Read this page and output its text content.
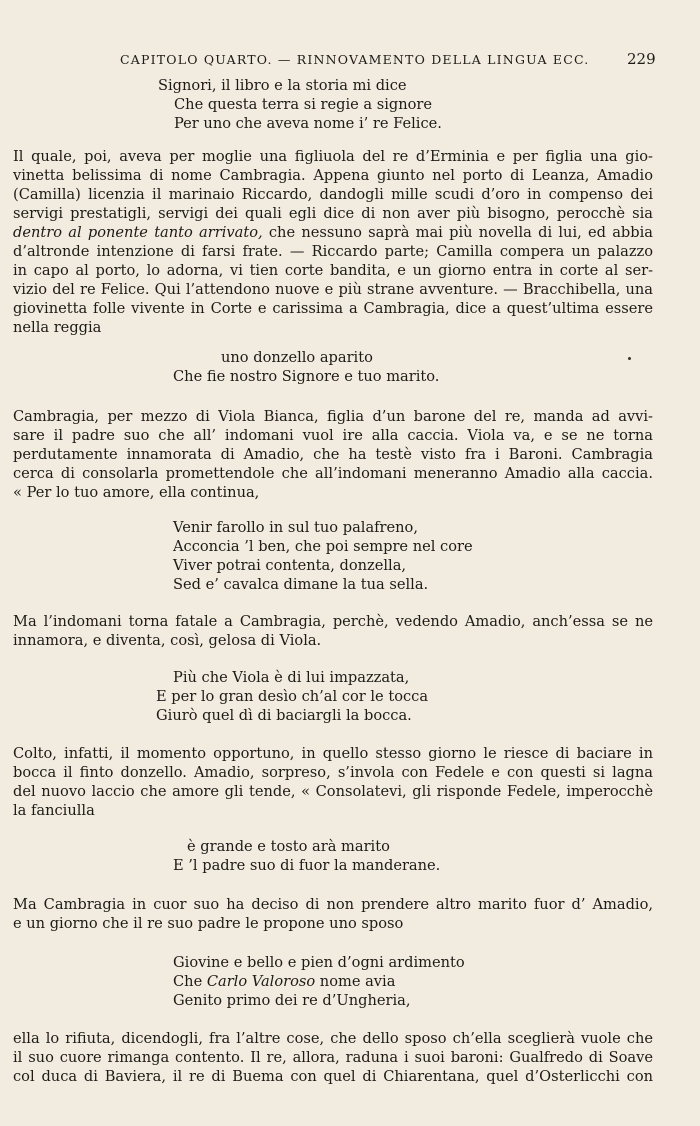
CAPITOLO QUARTO. — RINNOVAMENTO DELLA LINGUA ECC.	229
Signori, il libro e la storia mi dice
Che questa terra si regie a signore
Per uno che aveva nome i’ re Felice.
Il quale, poi, aveva per moglie una figliuola del re d’Erminia e per figlia una gio-
vinetta belissima di nome Cambragia. Appena giunto nel porto di Leanza, Amadio
(Camilla) licenzia il marinaio Riccardo, dandogli mille scudi d’oro in compenso dei
servigi prestatigli, servigi dei quali egli dice di non aver più bisogno, perocchè sia
dentro al ponente tanto arrivato, che nessuno saprà mai più novella di lui, ed abbia
d’altronde intenzione di farsi frate. — Riccardo parte; Camilla compera un palazzo
in capo al porto, lo adorna, vi tien corte bandita, e un giorno entra in corte al ser-
vizio del re Felice. Qui l’attendono nuove e più strane avventure. — Bracchibella, una
giovinetta folle vivente in Corte e carissima a Cambragia, dice a quest’ultima essere
nella reggia
uno donzello aparito
Che fie nostro Signore e tuo marito.
Cambragia, per mezzo di Viola Bianca, figlia d’un barone del re, manda ad avvi-
sare il padre suo che all’ indomani vuol ire alla caccia. Viola va, e se ne torna
perdutamente innamorata di Amadio, che ha testè visto fra i Baroni. Cambragia
cerca di consolarla promettendole che all’indomani meneranno Amadio alla caccia.
« Per lo tuo amore, ella continua,
Venir farollo in sul tuo palafreno,
Acconcia ’l ben, che poi sempre nel core
Viver potrai contenta, donzella,
Sed e’ cavalca dimane la tua sella.
Ma l’indomani torna fatale a Cambragia, perchè, vedendo Amadio, anch’essa se ne
innamora, e diventa, così, gelosa di Viola.
Più che Viola è di lui impazzata,
E per lo gran desìo ch’al cor le tocca
Giurò quel dì di baciargli la bocca.
Colto, infatti, il momento opportuno, in quello stesso giorno le riesce di baciare in
bocca il finto donzello. Amadio, sorpreso, s’invola con Fedele e con questi si lagna
del nuovo laccio che amore gli tende, « Consolatevi, gli risponde Fedele, imperocchè
la fanciulla
è grande e tosto arà marito
E ’l padre suo di fuor la manderane.
Ma Cambragia in cuor suo ha deciso di non prendere altro marito fuor d’ Amadio,
e un giorno che il re suo padre le propone uno sposo
Giovine e bello e pien d’ogni ardimento
Che Carlo Valoroso nome avia
Genito primo dei re d’Ungheria,
ella lo rifiuta, dicendogli, fra l’altre cose, che dello sposo ch’ella sceglierà vuole che
il suo cuore rimanga contento. Il re, allora, raduna i suoi baroni: Gualfredo di Soave
col duca di Baviera, il re di Buema con quel di Chiarentana, quel d’Osterlicchi con
